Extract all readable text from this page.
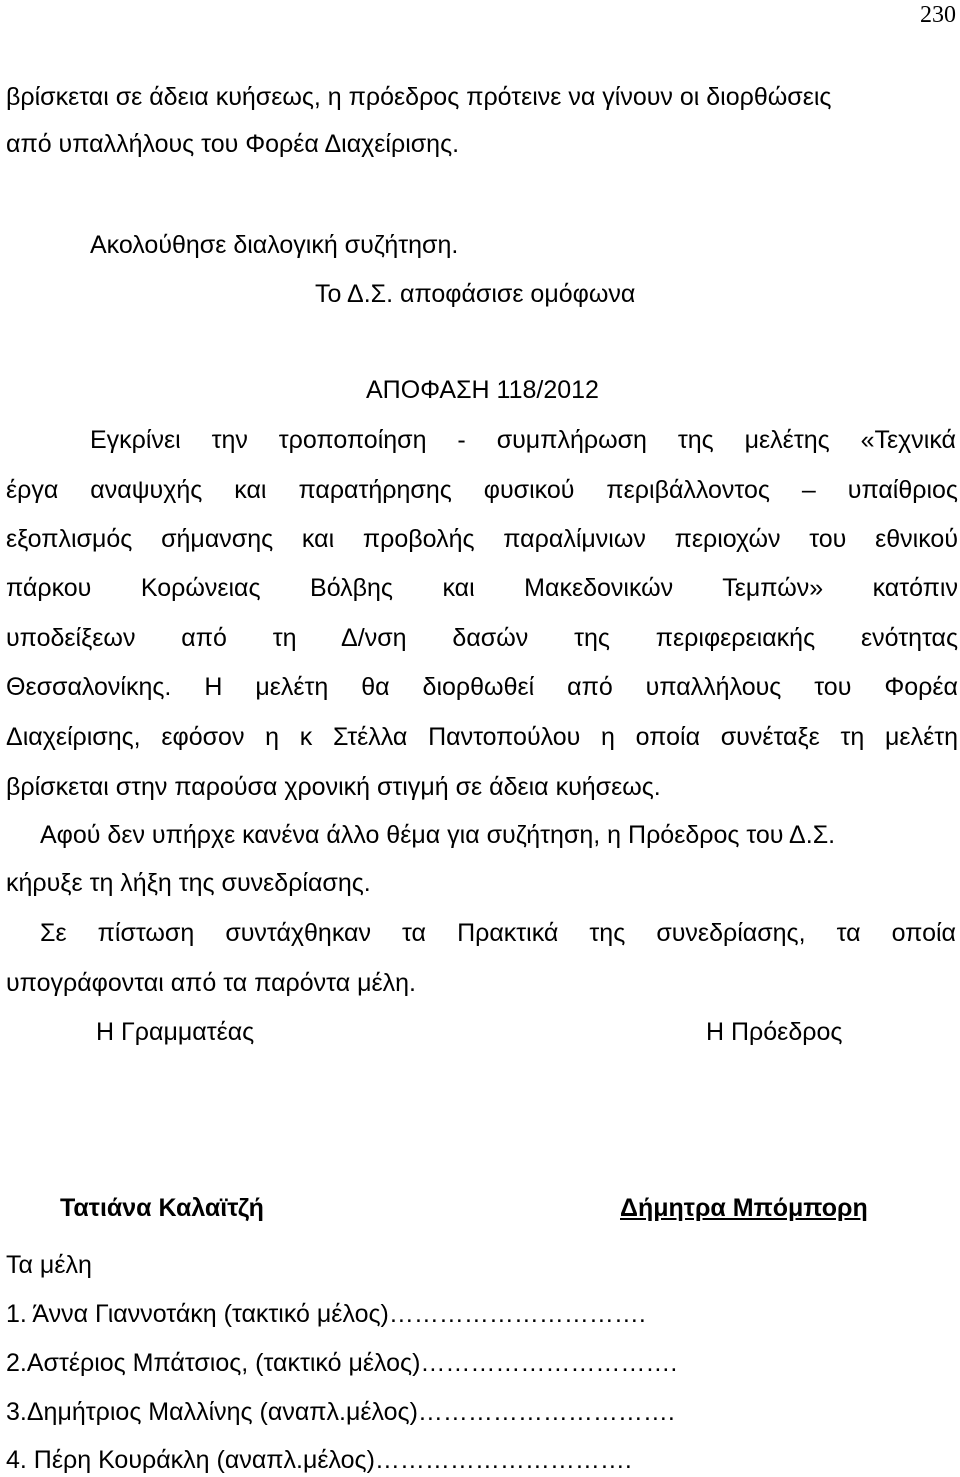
230
βρίσκεται σε άδεια κυήσεως, η πρόεδρος πρότεινε να γίνουν οι διορθώσεις
από υπαλλήλους του Φορέα Διαχείρισης.
Ακολούθησε διαλογική συζήτηση.
Το Δ.Σ. αποφάσισε ομόφωνα
ΑΠΟΦΑΣΗ 118/2012
Εγκρίνει την τροποποίηση - συμπλήρωση της μελέτης «Τεχνικά
έργα αναψυχής και παρατήρησης φυσικού περιβάλλοντος – υπαίθριος
εξοπλισμός σήμανσης και προβολής παραλίμνιων περιοχών του εθνικού
πάρκου Κορώνειας Βόλβης και Μακεδονικών Τεμπών» κατόπιν
υποδείξεων από τη Δ/νση δασών της περιφερειακής ενότητας
Θεσσαλονίκης. Η μελέτη θα διορθωθεί από υπαλλήλους του Φορέα
Διαχείρισης, εφόσον η κ Στέλλα Παντοπούλου η οποία συνέταξε τη μελέτη
βρίσκεται στην παρούσα χρονική στιγμή σε άδεια κυήσεως.
Αφού δεν υπήρχε κανένα άλλο θέμα για συζήτηση, η Πρόεδρος του Δ.Σ.
κήρυξε τη λήξη της συνεδρίασης.
Σε πίστωση συντάχθηκαν τα Πρακτικά της συνεδρίασης, τα οποία
υπογράφονται από τα παρόντα μέλη.
Η Γραμματέας	Η Πρόεδρος
Τατιάνα Καλαϊτζή	Δήμητρα Μπόμπορη
Τα μέλη
1. Άννα Γιαννοτάκη (τακτικό μέλος)………………………….
2.Αστέριος Μπάτσιος, (τακτικό μέλος)………………………….
3.Δημήτριος Μαλλίνης (αναπλ.μέλος)………………………….
4. Πέρη Κουράκλη (αναπλ.μέλος)………………………….
